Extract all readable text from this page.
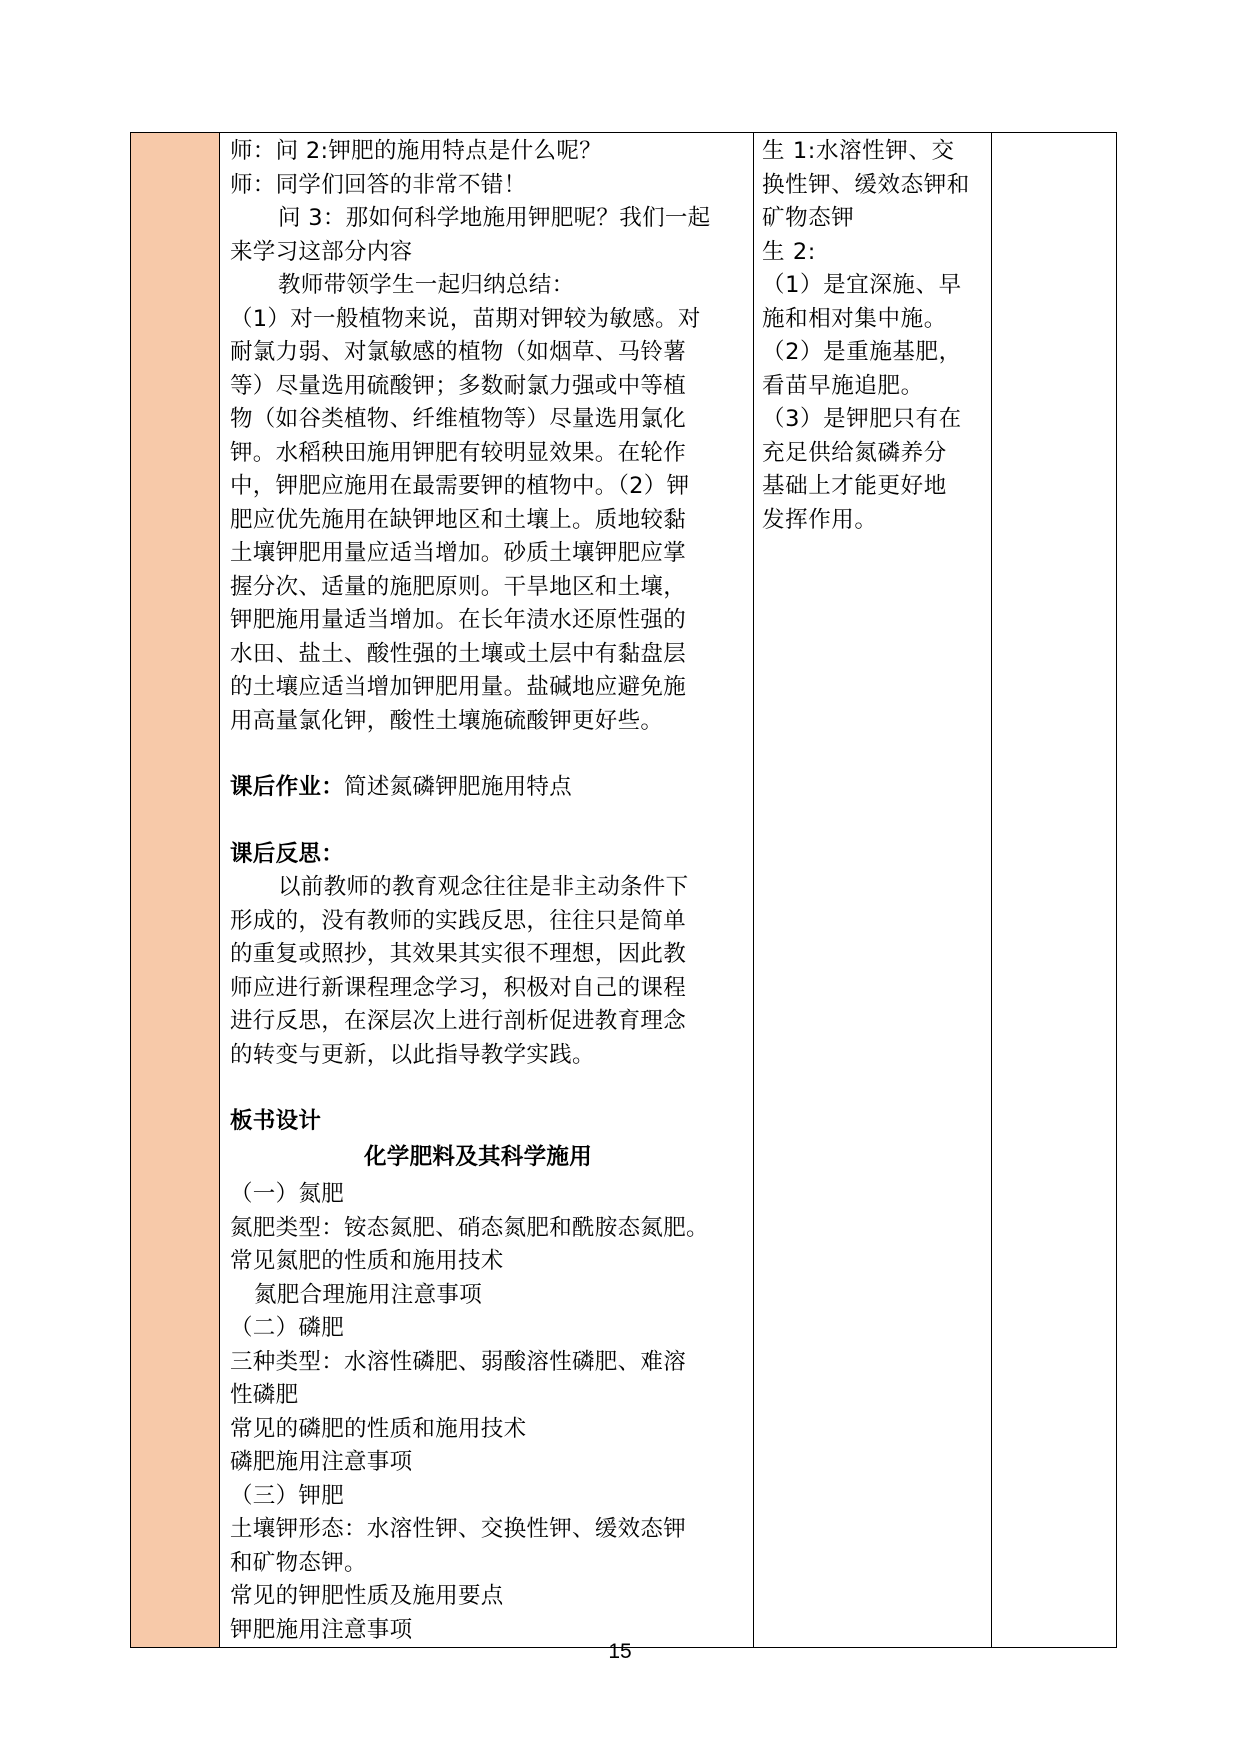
师：问 2:钾肥的施用特点是什么呢？
师：同学们回答的非常不错！
问 3：那如何科学地施用钾肥呢？我们一起
来学习这部分内容
教师带领学生一起归纳总结：
（1）对一般植物来说，苗期对钾较为敏感。对
耐氯力弱、对氯敏感的植物（如烟草、马铃薯
等）尽量选用硫酸钾；多数耐氯力强或中等植
物（如谷类植物、纤维植物等）尽量选用氯化
钾。水稻秧田施用钾肥有较明显效果。在轮作
中，钾肥应施用在最需要钾的植物中。（2）钾
肥应优先施用在缺钾地区和土壤上。质地较黏
土壤钾肥用量应适当增加。砂质土壤钾肥应掌
握分次、适量的施肥原则。干旱地区和土壤，
钾肥施用量适当增加。在长年渍水还原性强的
水田、盐土、酸性强的土壤或土层中有黏盘层
的土壤应适当增加钾肥用量。盐碱地应避免施
用高量氯化钾，酸性土壤施硫酸钾更好些。
课后作业：简述氮磷钾肥施用特点
课后反思：
以前教师的教育观念往往是非主动条件下
形成的，没有教师的实践反思，往往只是简单
的重复或照抄，其效果其实很不理想，因此教
师应进行新课程理念学习，积极对自己的课程
进行反思，在深层次上进行剖析促进教育理念
的转变与更新，以此指导教学实践。
板书设计
化学肥料及其科学施用
（一）氮肥
氮肥类型：铵态氮肥、硝态氮肥和酰胺态氮肥。
常见氮肥的性质和施用技术
氮肥合理施用注意事项
（二）磷肥
三种类型：水溶性磷肥、弱酸溶性磷肥、难溶
性磷肥
常见的磷肥的性质和施用技术
磷肥施用注意事项
（三）钾肥
土壤钾形态：水溶性钾、交换性钾、缓效态钾
和矿物态钾。
常见的钾肥性质及施用要点
钾肥施用注意事项

生 1:水溶性钾、交
换性钾、缓效态钾和
矿物态钾
生 2:
（1）是宜深施、早
施和相对集中施。
（2）是重施基肥，
看苗早施追肥。
（3）是钾肥只有在
充足供给氮磷养分
基础上才能更好地
发挥作用。

15
